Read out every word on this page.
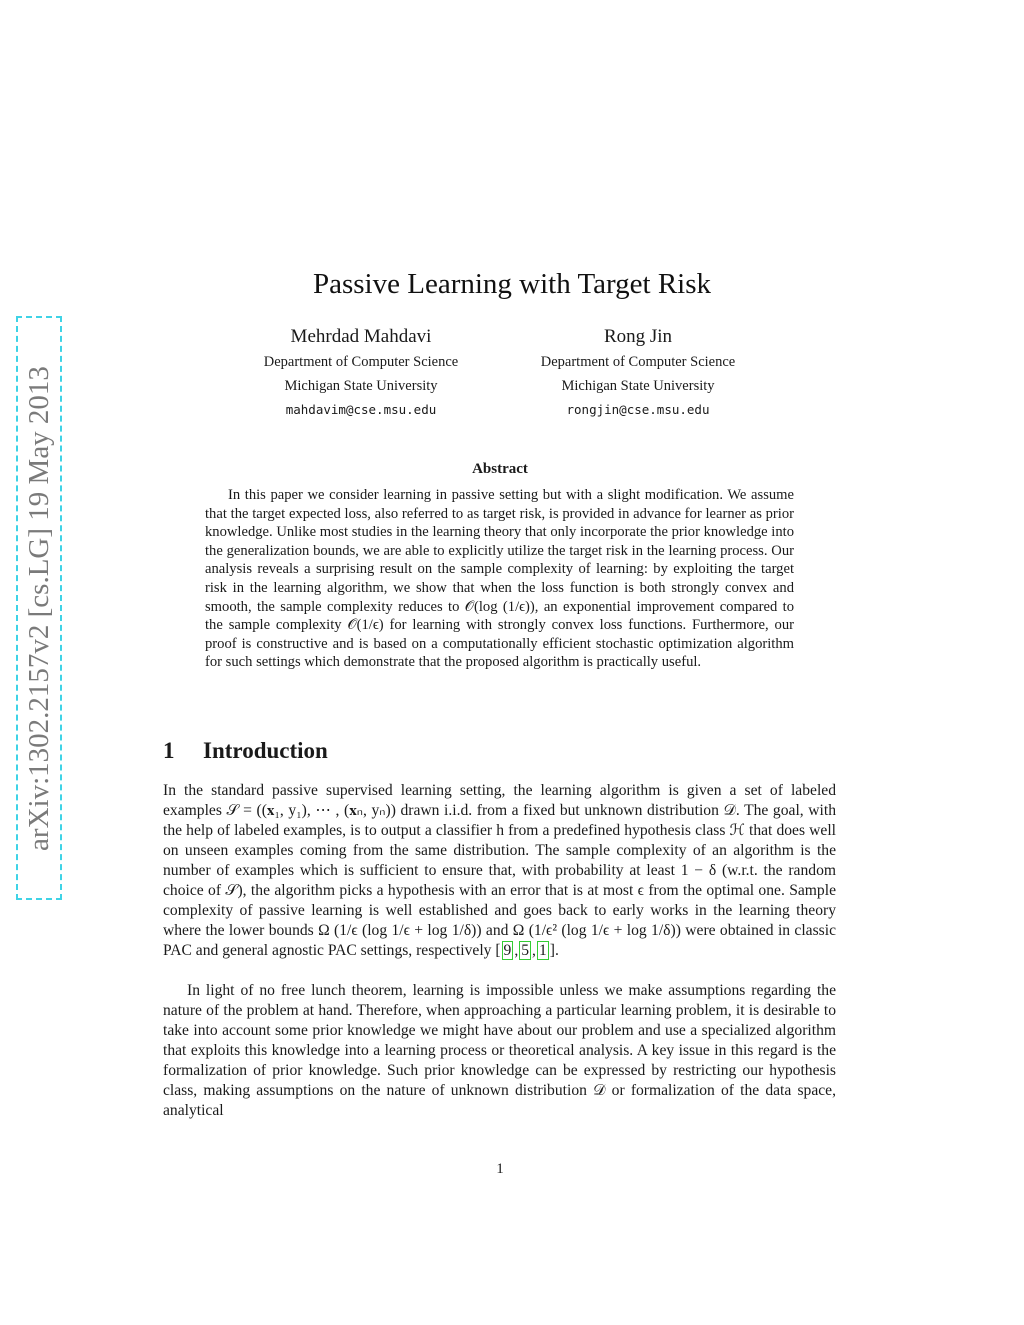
arXiv:1302.2157v2 [cs.LG] 19 May 2013
Passive Learning with Target Risk
Mehrdad Mahdavi
Department of Computer Science
Michigan State University
mahdavim@cse.msu.edu
Rong Jin
Department of Computer Science
Michigan State University
rongjin@cse.msu.edu
Abstract
In this paper we consider learning in passive setting but with a slight modification. We assume that the target expected loss, also referred to as target risk, is provided in advance for learner as prior knowledge. Unlike most studies in the learning theory that only incorporate the prior knowledge into the generalization bounds, we are able to explicitly utilize the target risk in the learning process. Our analysis reveals a surprising result on the sample complexity of learning: by exploiting the target risk in the learning algorithm, we show that when the loss function is both strongly convex and smooth, the sample complexity reduces to 𝒪(log (1/ϵ)), an exponential improvement compared to the sample complexity 𝒪(1/ϵ) for learning with strongly convex loss functions. Furthermore, our proof is constructive and is based on a computationally efficient stochastic optimization algorithm for such settings which demonstrate that the proposed algorithm is practically useful.
1 Introduction
In the standard passive supervised learning setting, the learning algorithm is given a set of labeled examples 𝒮 = ((𝐱₁, y₁), ⋯ , (𝐱ₙ, yₙ)) drawn i.i.d. from a fixed but unknown distribution 𝒟. The goal, with the help of labeled examples, is to output a classifier h from a predefined hypothesis class ℋ that does well on unseen examples coming from the same distribution. The sample complexity of an algorithm is the number of examples which is sufficient to ensure that, with probability at least 1 − δ (w.r.t. the random choice of 𝒮), the algorithm picks a hypothesis with an error that is at most ϵ from the optimal one. Sample complexity of passive learning is well established and goes back to early works in the learning theory where the lower bounds Ω (1/ϵ (log 1/ϵ + log 1/δ)) and Ω (1/ϵ² (log 1/ϵ + log 1/δ)) were obtained in classic PAC and general agnostic PAC settings, respectively [ 9 , 5 , 1 ].
In light of no free lunch theorem, learning is impossible unless we make assumptions regarding the nature of the problem at hand. Therefore, when approaching a particular learning problem, it is desirable to take into account some prior knowledge we might have about our problem and use a specialized algorithm that exploits this knowledge into a learning process or theoretical analysis. A key issue in this regard is the formalization of prior knowledge. Such prior knowledge can be expressed by restricting our hypothesis class, making assumptions on the nature of unknown distribution 𝒟 or formalization of the data space, analytical
1
